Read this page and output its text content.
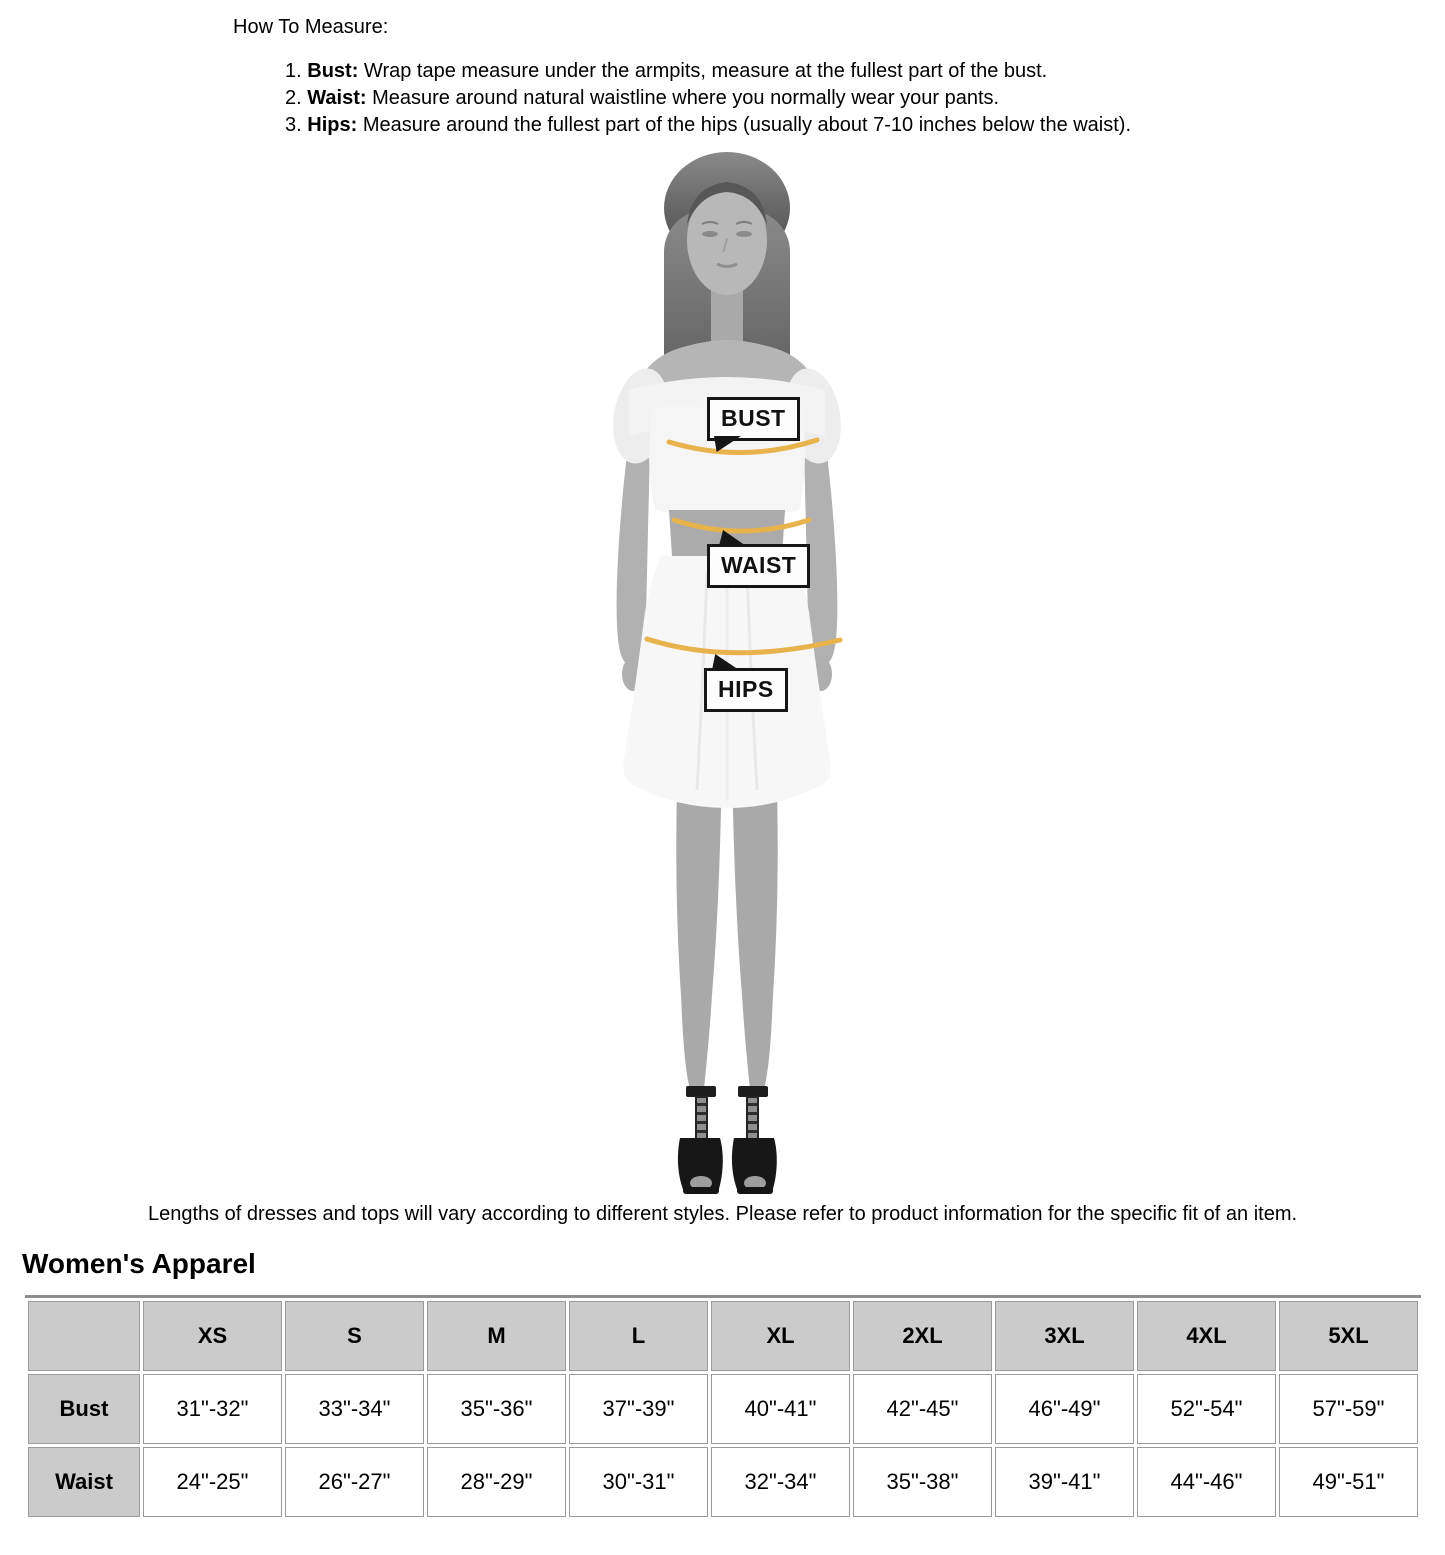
How To Measure:
1. Bust: Wrap tape measure under the armpits, measure at the fullest part of the bust.
2. Waist: Measure around natural waistline where you normally wear your pants.
3. Hips: Measure around the fullest part of the hips (usually about 7-10 inches below the waist).
BUST
WAIST
HIPS
Lengths of dresses and tops will vary according to different styles. Please refer to product information for the specific fit of an item.
Women's Apparel
	XS	S	M	L	XL	2XL	3XL	4XL	5XL
Bust	31"-32"	33"-34"	35"-36"	37"-39"	40"-41"	42"-45"	46"-49"	52"-54"	57"-59"
Waist	24"-25"	26"-27"	28"-29"	30"-31"	32"-34"	35"-38"	39"-41"	44"-46"	49"-51"
